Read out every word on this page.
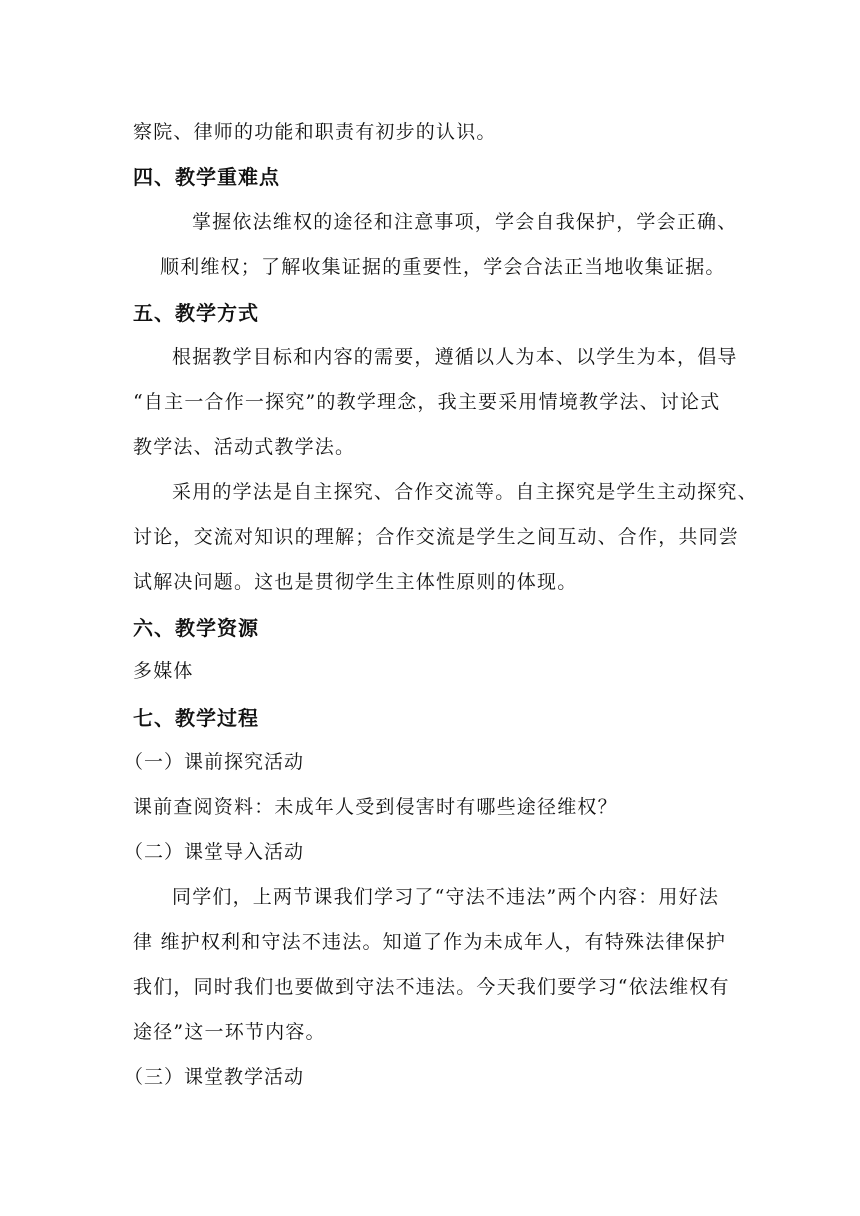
察院、律师的功能和职责有初步的认识。
四、教学重难点
掌握依法维权的途径和注意事项，学会自我保护，学会正确、
顺利维权；了解收集证据的重要性，学会合法正当地收集证据。
五、教学方式
根据教学目标和内容的需要，遵循以人为本、以学生为本，倡导
“自主一合作一探究”的教学理念，我主要采用情境教学法、讨论式
教学法、活动式教学法。
采用的学法是自主探究、合作交流等。自主探究是学生主动探究、
讨论，交流对知识的理解；合作交流是学生之间互动、合作，共同尝
试解决问题。这也是贯彻学生主体性原则的体现。
六、教学资源
多媒体
七、教学过程
（一）课前探究活动
课前查阅资料：未成年人受到侵害时有哪些途径维权？
（二）课堂导入活动
同学们，上两节课我们学习了“守法不违法”两个内容：用好法
律 维护权利和守法不违法。知道了作为未成年人，有特殊法律保护
我们，同时我们也要做到守法不违法。今天我们要学习“依法维权有
途径”这一环节内容。
（三）课堂教学活动
